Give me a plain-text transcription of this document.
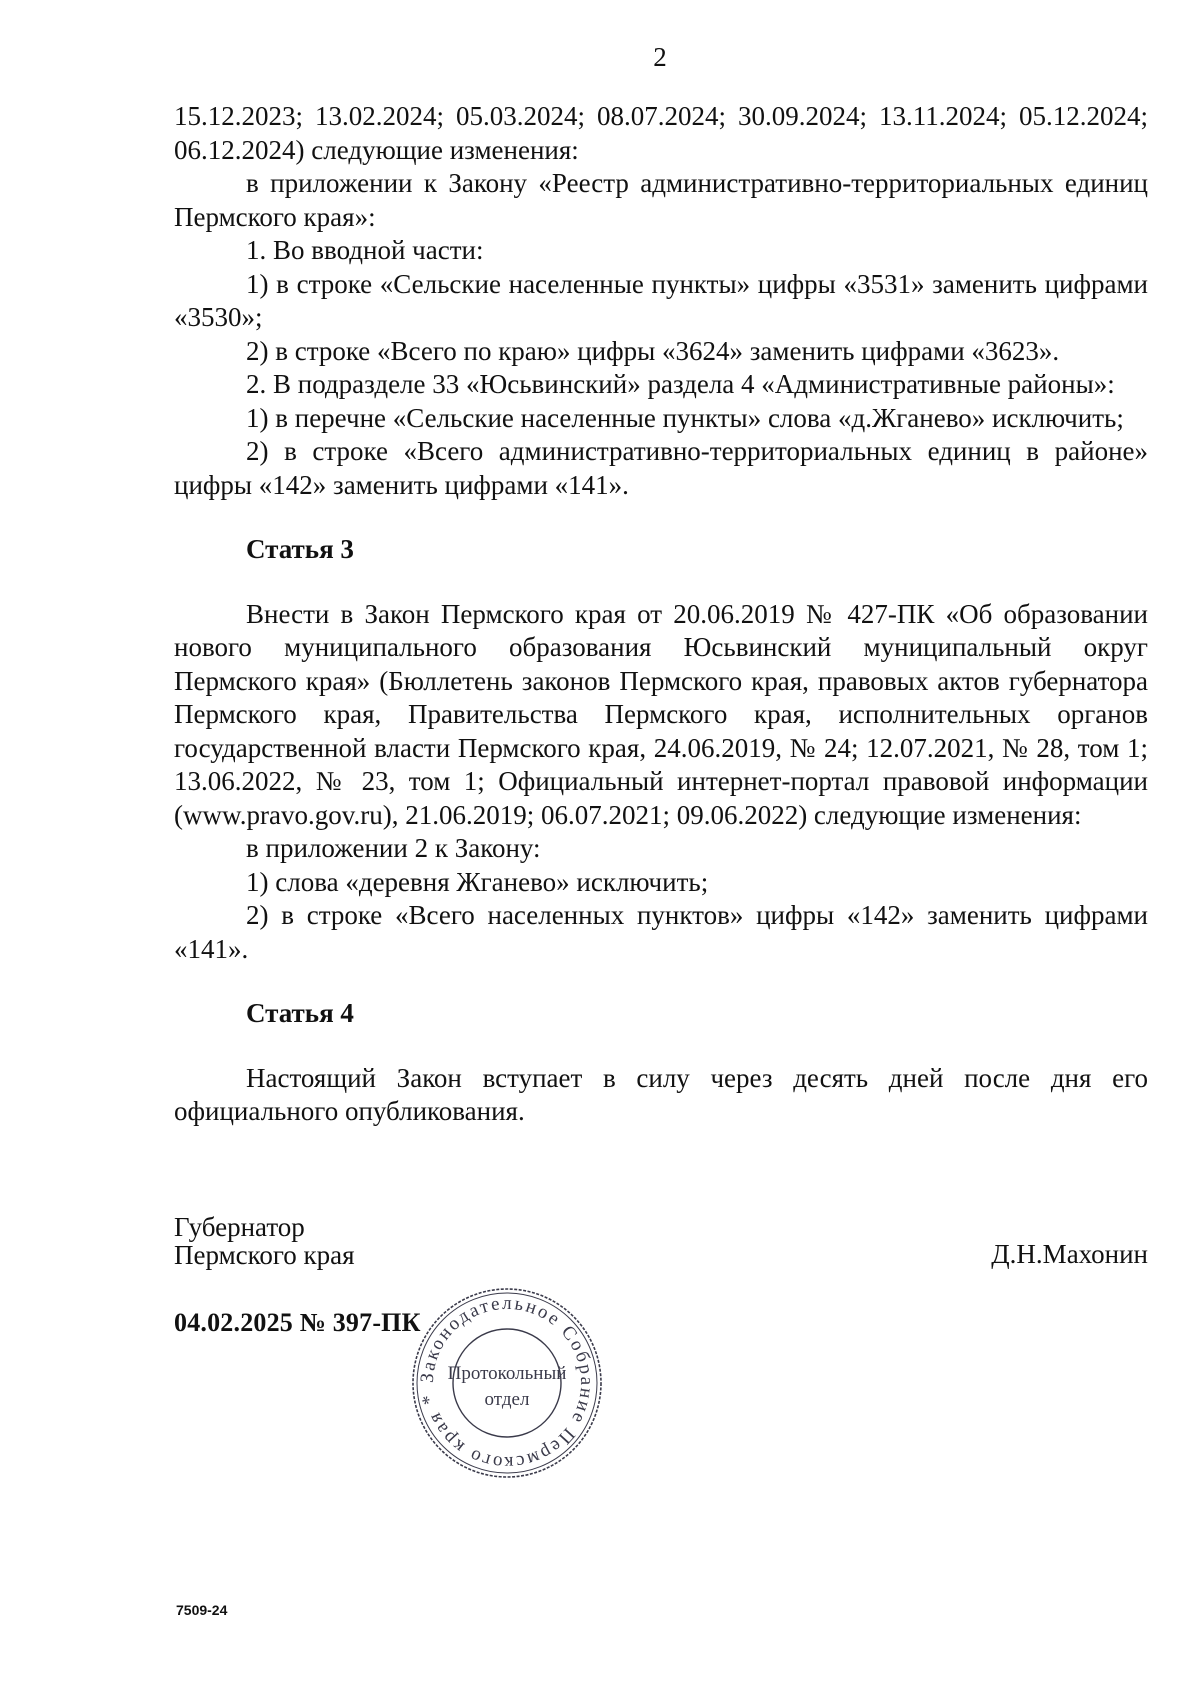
2

15.12.2023; 13.02.2024; 05.03.2024; 08.07.2024; 30.09.2024; 13.11.2024; 05.12.2024; 06.12.2024) следующие изменения:

в приложении к Закону «Реестр административно-территориальных единиц Пермского края»:

1. Во вводной части:

1) в строке «Сельские населенные пункты» цифры «3531» заменить цифрами «3530»;

2) в строке «Всего по краю» цифры «3624» заменить цифрами «3623».

2. В подразделе 33 «Юсьвинский» раздела 4 «Административные районы»:

1) в перечне «Сельские населенные пункты» слова «д.Жганево» исключить;

2) в строке «Всего административно-территориальных единиц в районе» цифры «142» заменить цифрами «141».

Статья 3

Внести в Закон Пермского края от 20.06.2019 № 427-ПК «Об образовании нового муниципального образования Юсьвинский муниципальный округ Пермского края» (Бюллетень законов Пермского края, правовых актов губернатора Пермского края, Правительства Пермского края, исполнительных органов государственной власти Пермского края, 24.06.2019, № 24; 12.07.2021, № 28, том 1; 13.06.2022, № 23, том 1; Официальный интернет-портал правовой информации (www.pravo.gov.ru), 21.06.2019; 06.07.2021; 09.06.2022) следующие изменения:

в приложении 2 к Закону:

1) слова «деревня Жганево» исключить;

2) в строке «Всего населенных пунктов» цифры «142» заменить цифрами «141».

Статья 4

Настоящий Закон вступает в силу через десять дней после дня его официального опубликования.

Губернатор
Пермского края	Д.Н.Махонин
04.02.2025 № 397-ПК
Законодательное Собрание Пермского края *
Протокольный
отдел
7509-24
